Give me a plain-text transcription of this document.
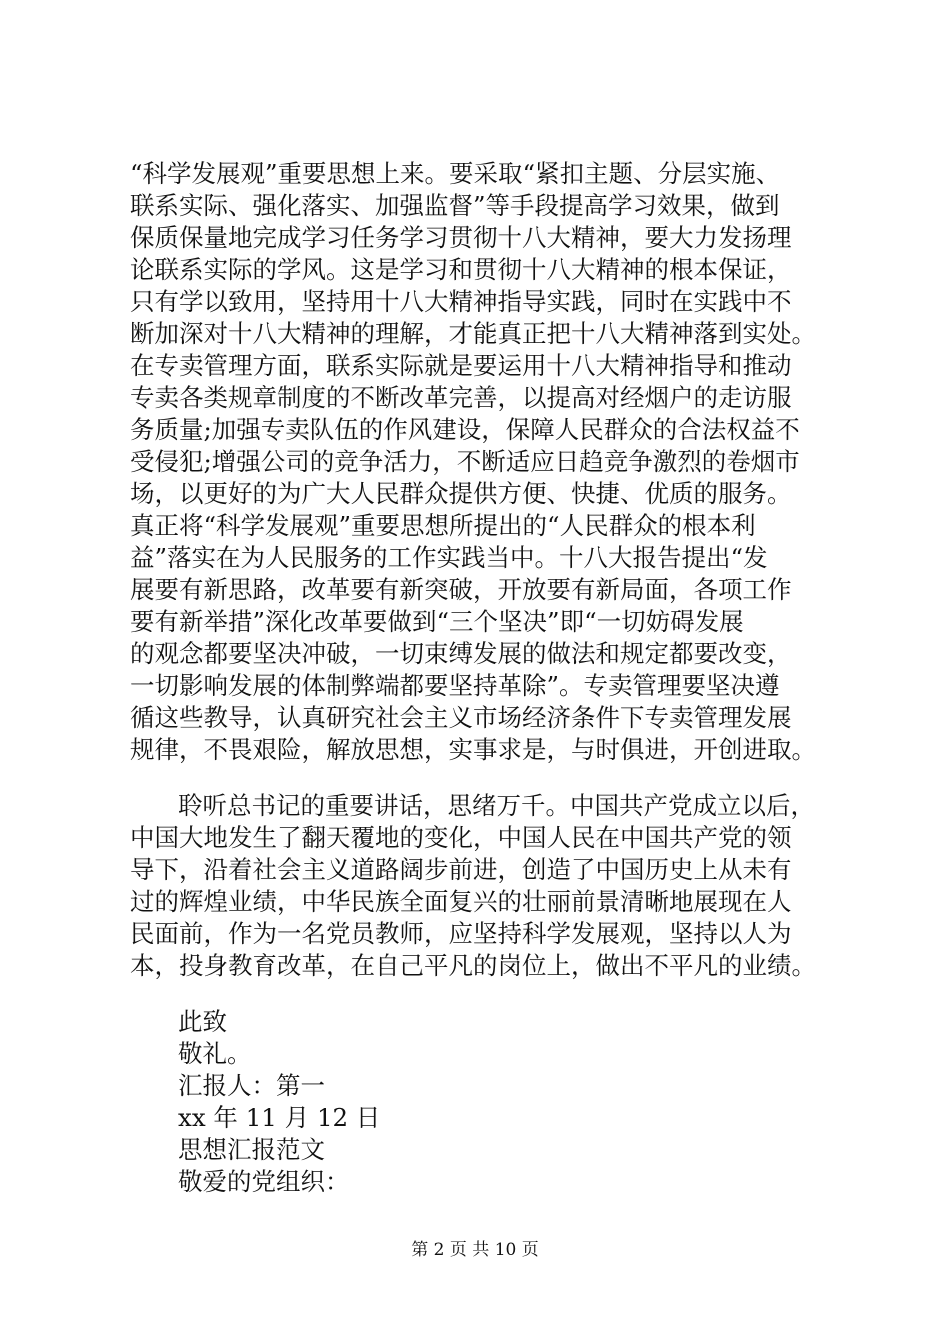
“科学发展观”重要思想上来。要采取“紧扣主题、分层实施、
联系实际、强化落实、加强监督”等手段提高学习效果，做到
保质保量地完成学习任务学习贯彻十八大精神，要大力发扬理
论联系实际的学风。这是学习和贯彻十八大精神的根本保证，
只有学以致用，坚持用十八大精神指导实践，同时在实践中不
断加深对十八大精神的理解，才能真正把十八大精神落到实处。
在专卖管理方面，联系实际就是要运用十八大精神指导和推动
专卖各类规章制度的不断改革完善，以提高对经烟户的走访服
务质量;加强专卖队伍的作风建设，保障人民群众的合法权益不
受侵犯;增强公司的竞争活力，不断适应日趋竞争激烈的卷烟市
场，以更好的为广大人民群众提供方便、快捷、优质的服务。
真正将“科学发展观”重要思想所提出的“人民群众的根本利
益”落实在为人民服务的工作实践当中。十八大报告提出“发
展要有新思路，改革要有新突破，开放要有新局面，各项工作
要有新举措”深化改革要做到“三个坚决”即“一切妨碍发展
的观念都要坚决冲破，一切束缚发展的做法和规定都要改变，
一切影响发展的体制弊端都要坚持革除”。专卖管理要坚决遵
循这些教导，认真研究社会主义市场经济条件下专卖管理发展
规律，不畏艰险，解放思想，实事求是，与时俱进，开创进取。
聆听总书记的重要讲话，思绪万千。中国共产党成立以后，
中国大地发生了翻天覆地的变化，中国人民在中国共产党的领
导下，沿着社会主义道路阔步前进，创造了中国历史上从未有
过的辉煌业绩，中华民族全面复兴的壮丽前景清晰地展现在人
民面前，作为一名党员教师，应坚持科学发展观，坚持以人为
本，投身教育改革，在自己平凡的岗位上，做出不平凡的业绩。
此致
敬礼。
汇报人：第一
xx 年 11 月 12 日
思想汇报范文
敬爱的党组织：
第 2 页 共 10 页
